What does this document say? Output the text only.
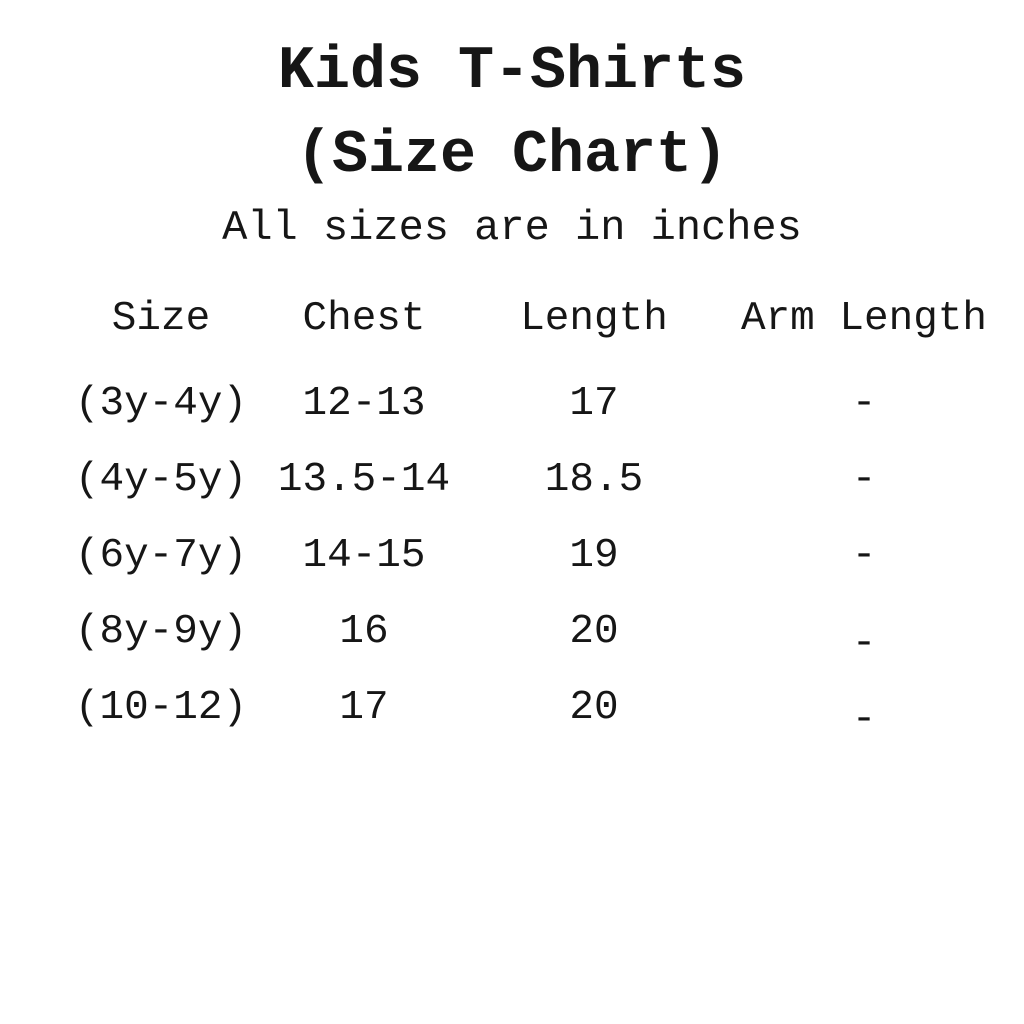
Kids T-Shirts
(Size Chart)
All sizes are in inches
Size	Chest	Length	Arm Length
(3y-4y)	12-13	17	-
(4y-5y) 13.5-14	18.5	-
(6y-7y)	14-15	19	-
(8y-9y)	16	20	-
(10-12)	17	20	-
